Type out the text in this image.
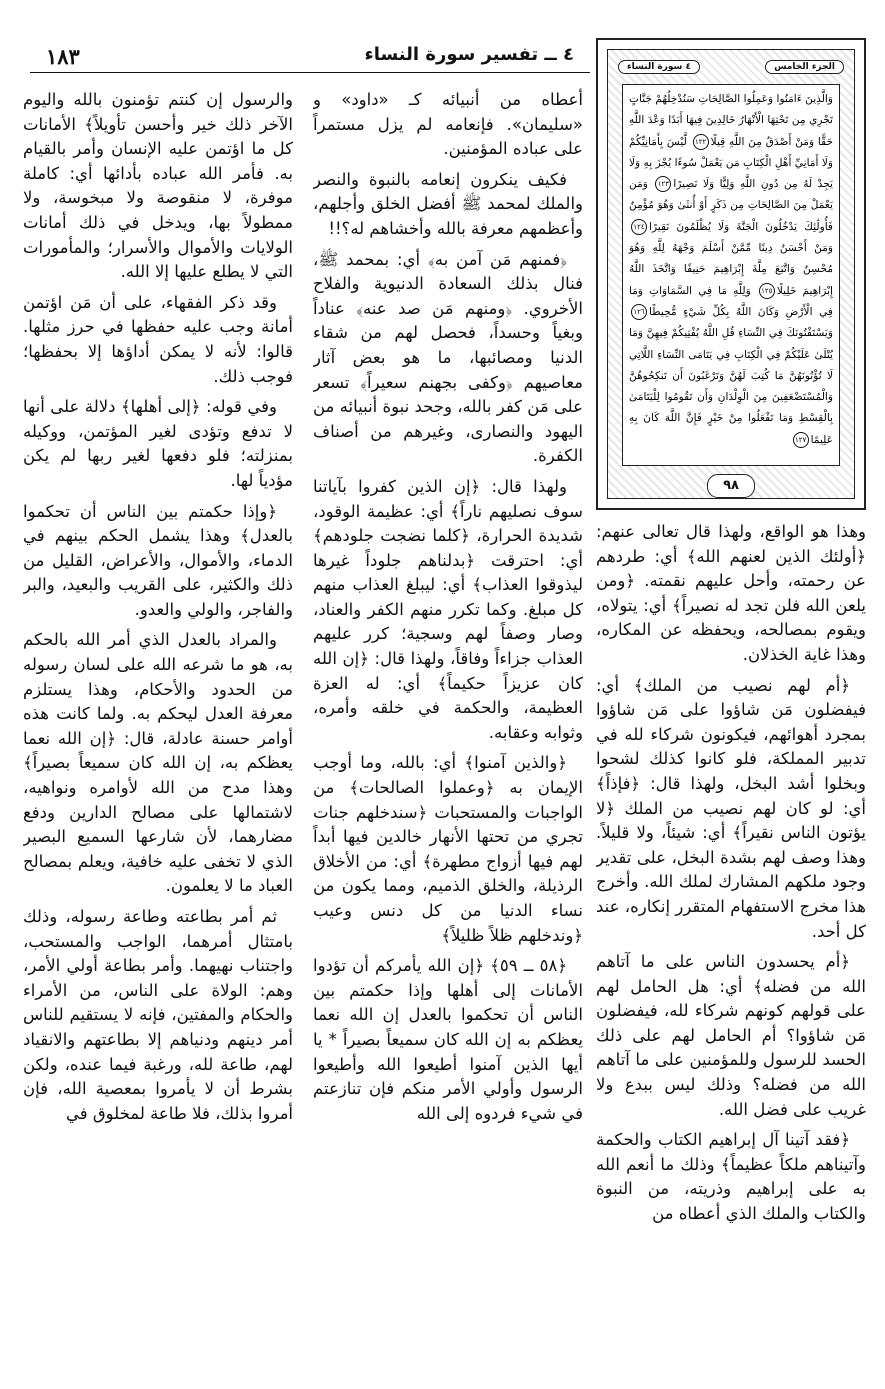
١٨٣	٤ ــ تفسير سورة النساء
الجزء الخامس
٤ سورة النساء
وَالَّذِينَ ءَامَنُوا وَعَمِلُوا الصَّالِحَاتِ سَنُدْخِلُهُمْ جَنَّاتٍ تَجْرِي مِن تَحْتِهَا الْأَنْهَارُ خَالِدِينَ فِيهَا أَبَدًا وَعْدَ اللَّهِ حَقًّا وَمَنْ أَصْدَقُ مِنَ اللَّهِ قِيلًا١٢٢ لَّيْسَ بِأَمَانِيِّكُمْ وَلَا أَمَانِيِّ أَهْلِ الْكِتَابِ مَن يَعْمَلْ سُوءًا يُجْزَ بِهِ وَلَا يَجِدْ لَهُ مِن دُونِ اللَّهِ وَلِيًّا وَلَا نَصِيرًا١٢٣ وَمَن يَعْمَلْ مِنَ الصَّالِحَاتِ مِن ذَكَرٍ أَوْ أُنثَىٰ وَهُوَ مُؤْمِنٌ فَأُولَٰئِكَ يَدْخُلُونَ الْجَنَّةَ وَلَا يُظْلَمُونَ نَقِيرًا١٢٤ وَمَنْ أَحْسَنُ دِينًا مِّمَّنْ أَسْلَمَ وَجْهَهُ لِلَّهِ وَهُوَ مُحْسِنٌ وَاتَّبَعَ مِلَّةَ إِبْرَاهِيمَ حَنِيفًا وَاتَّخَذَ اللَّهُ إِبْرَاهِيمَ خَلِيلًا١٢٥ وَلِلَّهِ مَا فِي السَّمَاوَاتِ وَمَا فِي الْأَرْضِ وَكَانَ اللَّهُ بِكُلِّ شَيْءٍ مُّحِيطًا١٢٦ وَيَسْتَفْتُونَكَ فِي النِّسَاءِ قُلِ اللَّهُ يُفْتِيكُمْ فِيهِنَّ وَمَا يُتْلَىٰ عَلَيْكُمْ فِي الْكِتَابِ فِي يَتَامَى النِّسَاءِ اللَّاتِي لَا تُؤْتُونَهُنَّ مَا كُتِبَ لَهُنَّ وَتَرْغَبُونَ أَن تَنكِحُوهُنَّ وَالْمُسْتَضْعَفِينَ مِنَ الْوِلْدَانِ وَأَن تَقُومُوا لِلْيَتَامَىٰ بِالْقِسْطِ وَمَا تَفْعَلُوا مِنْ خَيْرٍ فَإِنَّ اللَّهَ كَانَ بِهِ عَلِيمًا١٢٧
٩٨

وهذا هو الواقع، ولهذا قال تعالى عنهم: ﴿أولئك الذين لعنهم الله﴾ أي: طردهم عن رحمته، وأحل عليهم نقمته. ﴿ومن يلعن الله فلن تجد له نصيراً﴾ أي: يتولاه، ويقوم بمصالحه، ويحفظه عن المكاره، وهذا غاية الخذلان.

﴿أم لهم نصيب من الملك﴾ أي: فيفضلون مَن شاؤوا على مَن شاؤوا بمجرد أهوائهم، فيكونون شركاء لله في تدبير المملكة، فلو كانوا كذلك لشحوا وبخلوا أشد البخل، ولهذا قال: ﴿فإذاً﴾ أي: لو كان لهم نصيب من الملك ﴿لا يؤتون الناس نقيراً﴾ أي: شيئاً، ولا قليلاً. وهذا وصف لهم بشدة البخل، على تقدير وجود ملكهم المشارك لملك الله. وأخرج هذا مخرج الاستفهام المتقرر إنكاره، عند كل أحد.

﴿أم يحسدون الناس على ما آتاهم الله من فضله﴾ أي: هل الحامل لهم على قولهم كونهم شركاء لله، فيفضلون مَن شاؤوا؟ أم الحامل لهم على ذلك الحسد للرسول وللمؤمنين على ما آتاهم الله من فضله؟ وذلك ليس ببدع ولا غريب على فضل الله.

﴿فقد آتينا آل إبراهيم الكتاب والحكمة وآتيناهم ملكاً عظيماً﴾ وذلك ما أنعم الله به على إبراهيم وذريته، من النبوة والكتاب والملك الذي أعطاه من

أعطاه من أنبيائه كـ «داود» و «سليمان». فإنعامه لم يزل مستمراً على عباده المؤمنين.

فكيف ينكرون إنعامه بالنبوة والنصر والملك لمحمد ﷺ أفضل الخلق وأجلهم، وأعظمهم معرفة بالله وأخشاهم له؟!!

﴿فمنهم مَن آمن به﴾ أي: بمحمد ﷺ، فنال بذلك السعادة الدنيوية والفلاح الأخروي. ﴿ومنهم مَن صد عنه﴾ عناداً وبغياً وحسداً، فحصل لهم من شقاء الدنيا ومصائبها، ما هو بعض آثار معاصيهم ﴿وكفى بجهنم سعيراً﴾ تسعر على مَن كفر بالله، وجحد نبوة أنبيائه من اليهود والنصارى، وغيرهم من أصناف الكفرة.

ولهذا قال: ﴿إن الذين كفروا بآياتنا سوف نصليهم ناراً﴾ أي: عظيمة الوقود، شديدة الحرارة، ﴿كلما نضجت جلودهم﴾ أي: احترقت ﴿بدلناهم جلوداً غيرها ليذوقوا العذاب﴾ أي: ليبلغ العذاب منهم كل مبلغ. وكما تكرر منهم الكفر والعناد، وصار وصفاً لهم وسجية؛ كرر عليهم العذاب جزاءاً وفاقاً، ولهذا قال: ﴿إن الله كان عزيزاً حكيماً﴾ أي: له العزة العظيمة، والحكمة في خلقه وأمره، وثوابه وعقابه.

﴿والذين آمنوا﴾ أي: بالله، وما أوجب الإيمان به ﴿وعملوا الصالحات﴾ من الواجبات والمستحبات ﴿سندخلهم جنات تجري من تحتها الأنهار خالدين فيها أبداً لهم فيها أزواج مطهرة﴾ أي: من الأخلاق الرذيلة، والخلق الذميم، ومما يكون من نساء الدنيا من كل دنس وعيب ﴿وندخلهم ظلاً ظليلاً﴾

﴿٥٨ ــ ٥٩﴾ ﴿إن الله يأمركم أن تؤدوا الأمانات إلى أهلها وإذا حكمتم بين الناس أن تحكموا بالعدل إن الله نعما يعظكم به إن الله كان سميعاً بصيراً * يا أيها الذين آمنوا أطيعوا الله وأطيعوا الرسول وأولي الأمر منكم فإن تنازعتم في شيء فردوه إلى الله

والرسول إن كنتم تؤمنون بالله واليوم الآخر ذلك خير وأحسن تأويلاً﴾ الأمانات كل ما اؤتمن عليه الإنسان وأمر بالقيام به. فأمر الله عباده بأدائها أي: كاملة موفرة، لا منقوصة ولا مبخوسة، ولا ممطولاً بها، ويدخل في ذلك أمانات الولايات والأموال والأسرار؛ والمأمورات التي لا يطلع عليها إلا الله.

وقد ذكر الفقهاء، على أن مَن اؤتمن أمانة وجب عليه حفظها في حرز مثلها. قالوا: لأنه لا يمكن أداؤها إلا بحفظها؛ فوجب ذلك.

وفي قوله: ﴿إلى أهلها﴾ دلالة على أنها لا تدفع وتؤدى لغير المؤتمن، ووكيله بمنزلته؛ فلو دفعها لغير ربها لم يكن مؤدياً لها.

﴿وإذا حكمتم بين الناس أن تحكموا بالعدل﴾ وهذا يشمل الحكم بينهم في الدماء، والأموال، والأعراض، القليل من ذلك والكثير، على القريب والبعيد، والبر والفاجر، والولي والعدو.

والمراد بالعدل الذي أمر الله بالحكم به، هو ما شرعه الله على لسان رسوله من الحدود والأحكام، وهذا يستلزم معرفة العدل ليحكم به. ولما كانت هذه أوامر حسنة عادلة، قال: ﴿إن الله نعما يعظكم به، إن الله كان سميعاً بصيراً﴾ وهذا مدح من الله لأوامره ونواهيه، لاشتمالها على مصالح الدارين ودفع مضارهما، لأن شارعها السميع البصير الذي لا تخفى عليه خافية، ويعلم بمصالح العباد ما لا يعلمون.

ثم أمر بطاعته وطاعة رسوله، وذلك بامتثال أمرهما، الواجب والمستحب، واجتناب نهيهما. وأمر بطاعة أولي الأمر، وهم: الولاة على الناس، من الأمراء والحكام والمفتين، فإنه لا يستقيم للناس أمر دينهم ودنياهم إلا بطاعتهم والانقياد لهم، طاعة لله، ورغبة فيما عنده، ولكن بشرط أن لا يأمروا بمعصية الله، فإن أمروا بذلك، فلا طاعة لمخلوق في
